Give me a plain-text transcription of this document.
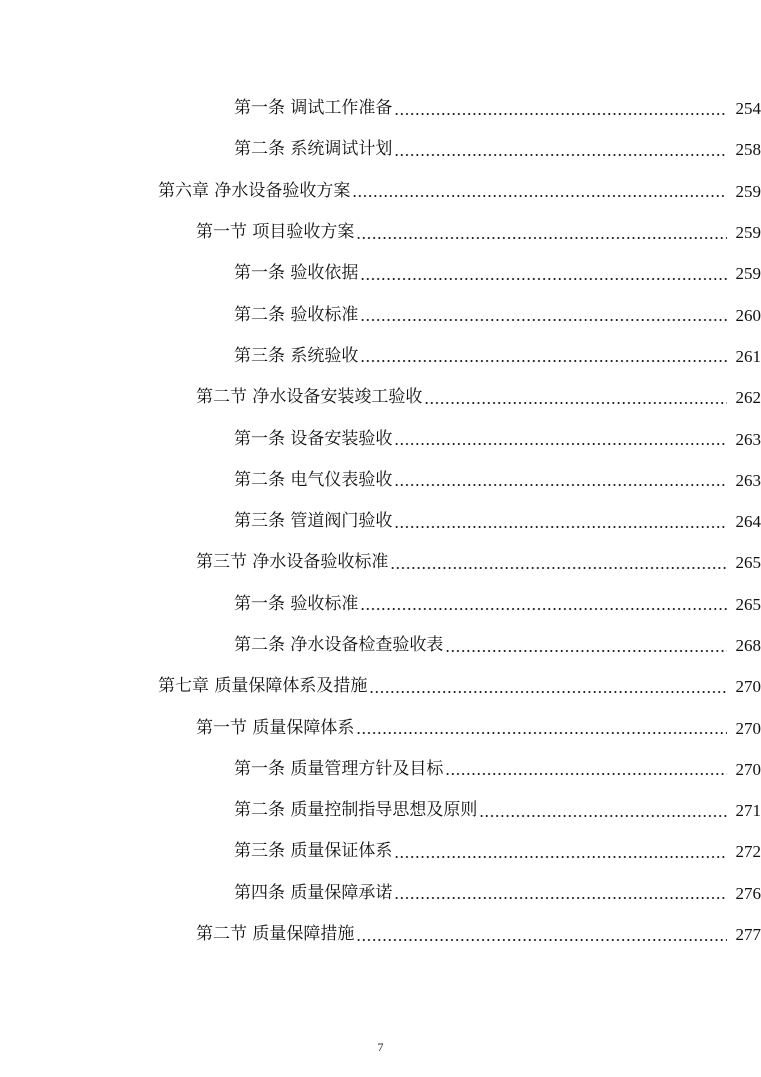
第一条 调试工作准备	254
第二条 系统调试计划	258
第六章 净水设备验收方案	259
第一节 项目验收方案	259
第一条 验收依据	259
第二条 验收标准	260
第三条 系统验收	261
第二节 净水设备安装竣工验收	262
第一条 设备安装验收	263
第二条 电气仪表验收	263
第三条 管道阀门验收	264
第三节 净水设备验收标准	265
第一条 验收标准	265
第二条 净水设备检查验收表	268
第七章 质量保障体系及措施	270
第一节 质量保障体系	270
第一条 质量管理方针及目标	270
第二条 质量控制指导思想及原则	271
第三条 质量保证体系	272
第四条 质量保障承诺	276
第二节 质量保障措施	277
7
